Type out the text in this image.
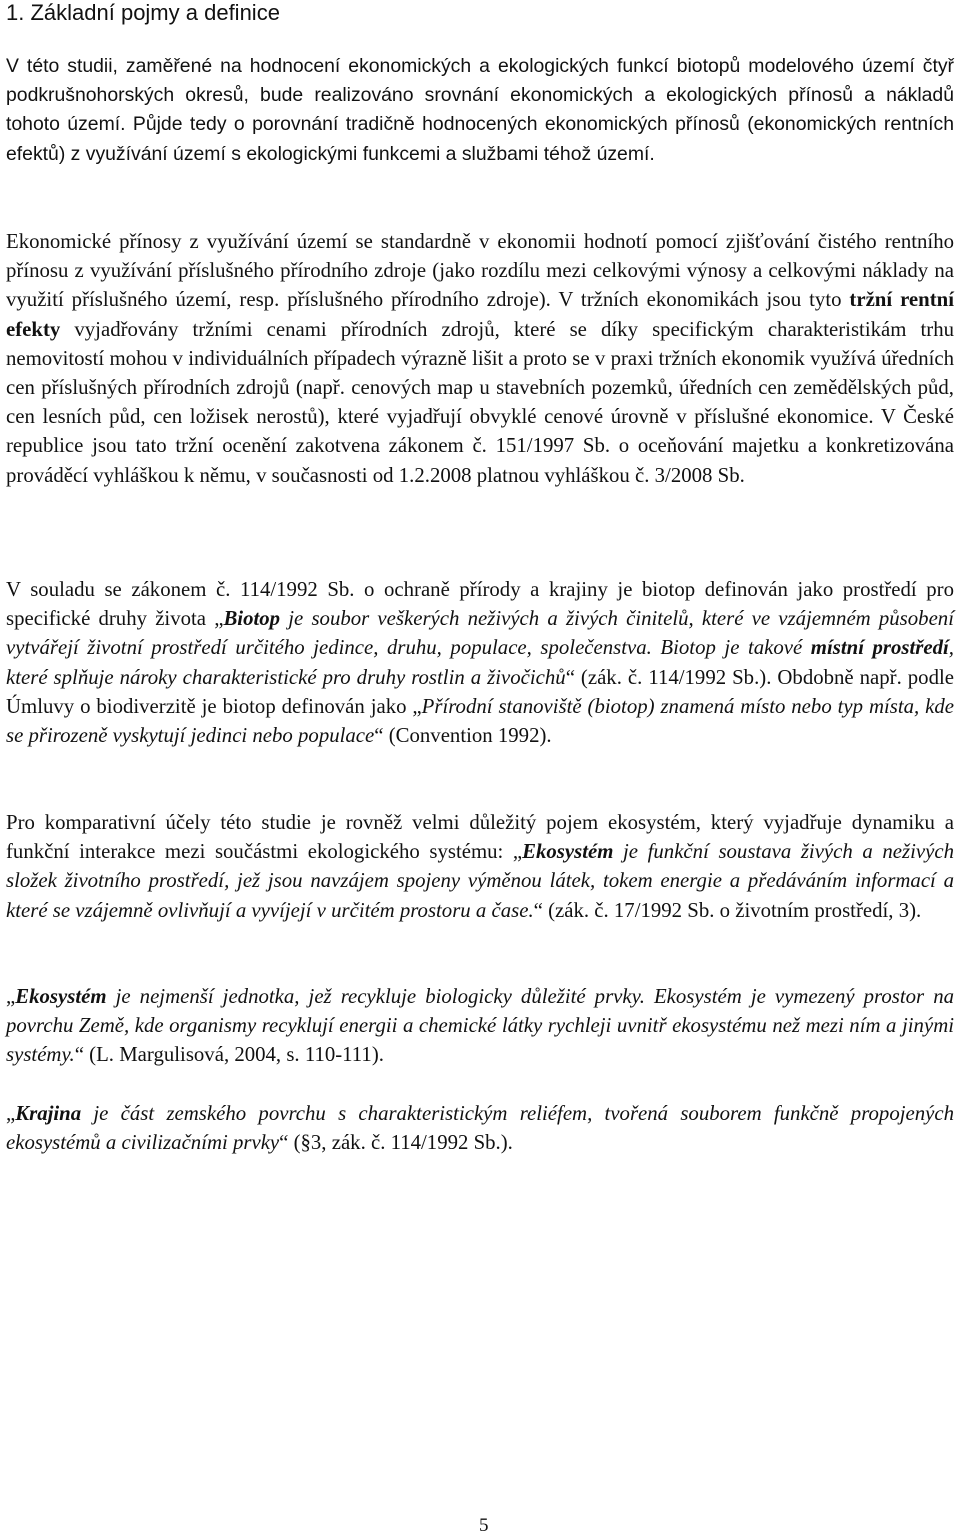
1. Základní pojmy a definice

V této studii, zaměřené na hodnocení ekonomických a ekologických funkcí biotopů modelového území čtyř podkrušnohorských okresů, bude realizováno srovnání ekonomických a ekologických přínosů a nákladů tohoto území. Půjde tedy o porovnání tradičně hodnocených ekonomických přínosů (ekonomických rentních efektů) z využívání území s ekologickými funkcemi a službami téhož území.

Ekonomické přínosy z využívání území se standardně v ekonomii hodnotí pomocí zjišťování čistého rentního přínosu z využívání příslušného přírodního zdroje (jako rozdílu mezi celkovými výnosy a celkovými náklady na využití příslušného území, resp. příslušného přírodního zdroje). V tržních ekonomikách jsou tyto tržní rentní efekty vyjadřovány tržními cenami přírodních zdrojů, které se díky specifickým charakteristikám trhu nemovitostí mohou v individuálních případech výrazně lišit a proto se v praxi tržních ekonomik využívá úředních cen příslušných přírodních zdrojů (např. cenových map u stavebních pozemků, úředních cen zemědělských půd, cen lesních půd, cen ložisek nerostů), které vyjadřují obvyklé cenové úrovně v příslušné ekonomice. V České republice jsou tato tržní ocenění zakotvena zákonem č. 151/1997 Sb. o oceňování majetku a konkretizována prováděcí vyhláškou k němu, v současnosti od 1.2.2008 platnou vyhláškou č. 3/2008 Sb.

V souladu se zákonem č. 114/1992 Sb. o ochraně přírody a krajiny je biotop definován jako prostředí pro specifické druhy života „Biotop je soubor veškerých neživých a živých činitelů, které ve vzájemném působení vytvářejí životní prostředí určitého jedince, druhu, populace, společenstva. Biotop je takové místní prostředí, které splňuje nároky charakteristické pro druhy rostlin a živočichů“ (zák. č. 114/1992 Sb.). Obdobně např. podle Úmluvy o biodiverzitě je biotop definován jako „Přírodní stanoviště (biotop) znamená místo nebo typ místa, kde se přirozeně vyskytují jedinci nebo populace“ (Convention 1992).

Pro komparativní účely této studie je rovněž velmi důležitý pojem ekosystém, který vyjadřuje dynamiku a funkční interakce mezi součástmi ekologického systému: „Ekosystém je funkční soustava živých a neživých složek životního prostředí, jež jsou navzájem spojeny výměnou látek, tokem energie a předáváním informací a které se vzájemně ovlivňují a vyvíjejí v určitém prostoru a čase.“ (zák. č. 17/1992 Sb. o životním prostředí, 3).

„Ekosystém je nejmenší jednotka, jež recykluje biologicky důležité prvky. Ekosystém je vymezený prostor na povrchu Země, kde organismy recyklují energii a chemické látky rychleji uvnitř ekosystému než mezi ním a jinými systémy.“ (L. Margulisová, 2004, s. 110-111).

„Krajina je část zemského povrchu s charakteristickým reliéfem, tvořená souborem funkčně propojených ekosystémů a civilizačními prvky“ (§3, zák. č. 114/1992 Sb.).

5
